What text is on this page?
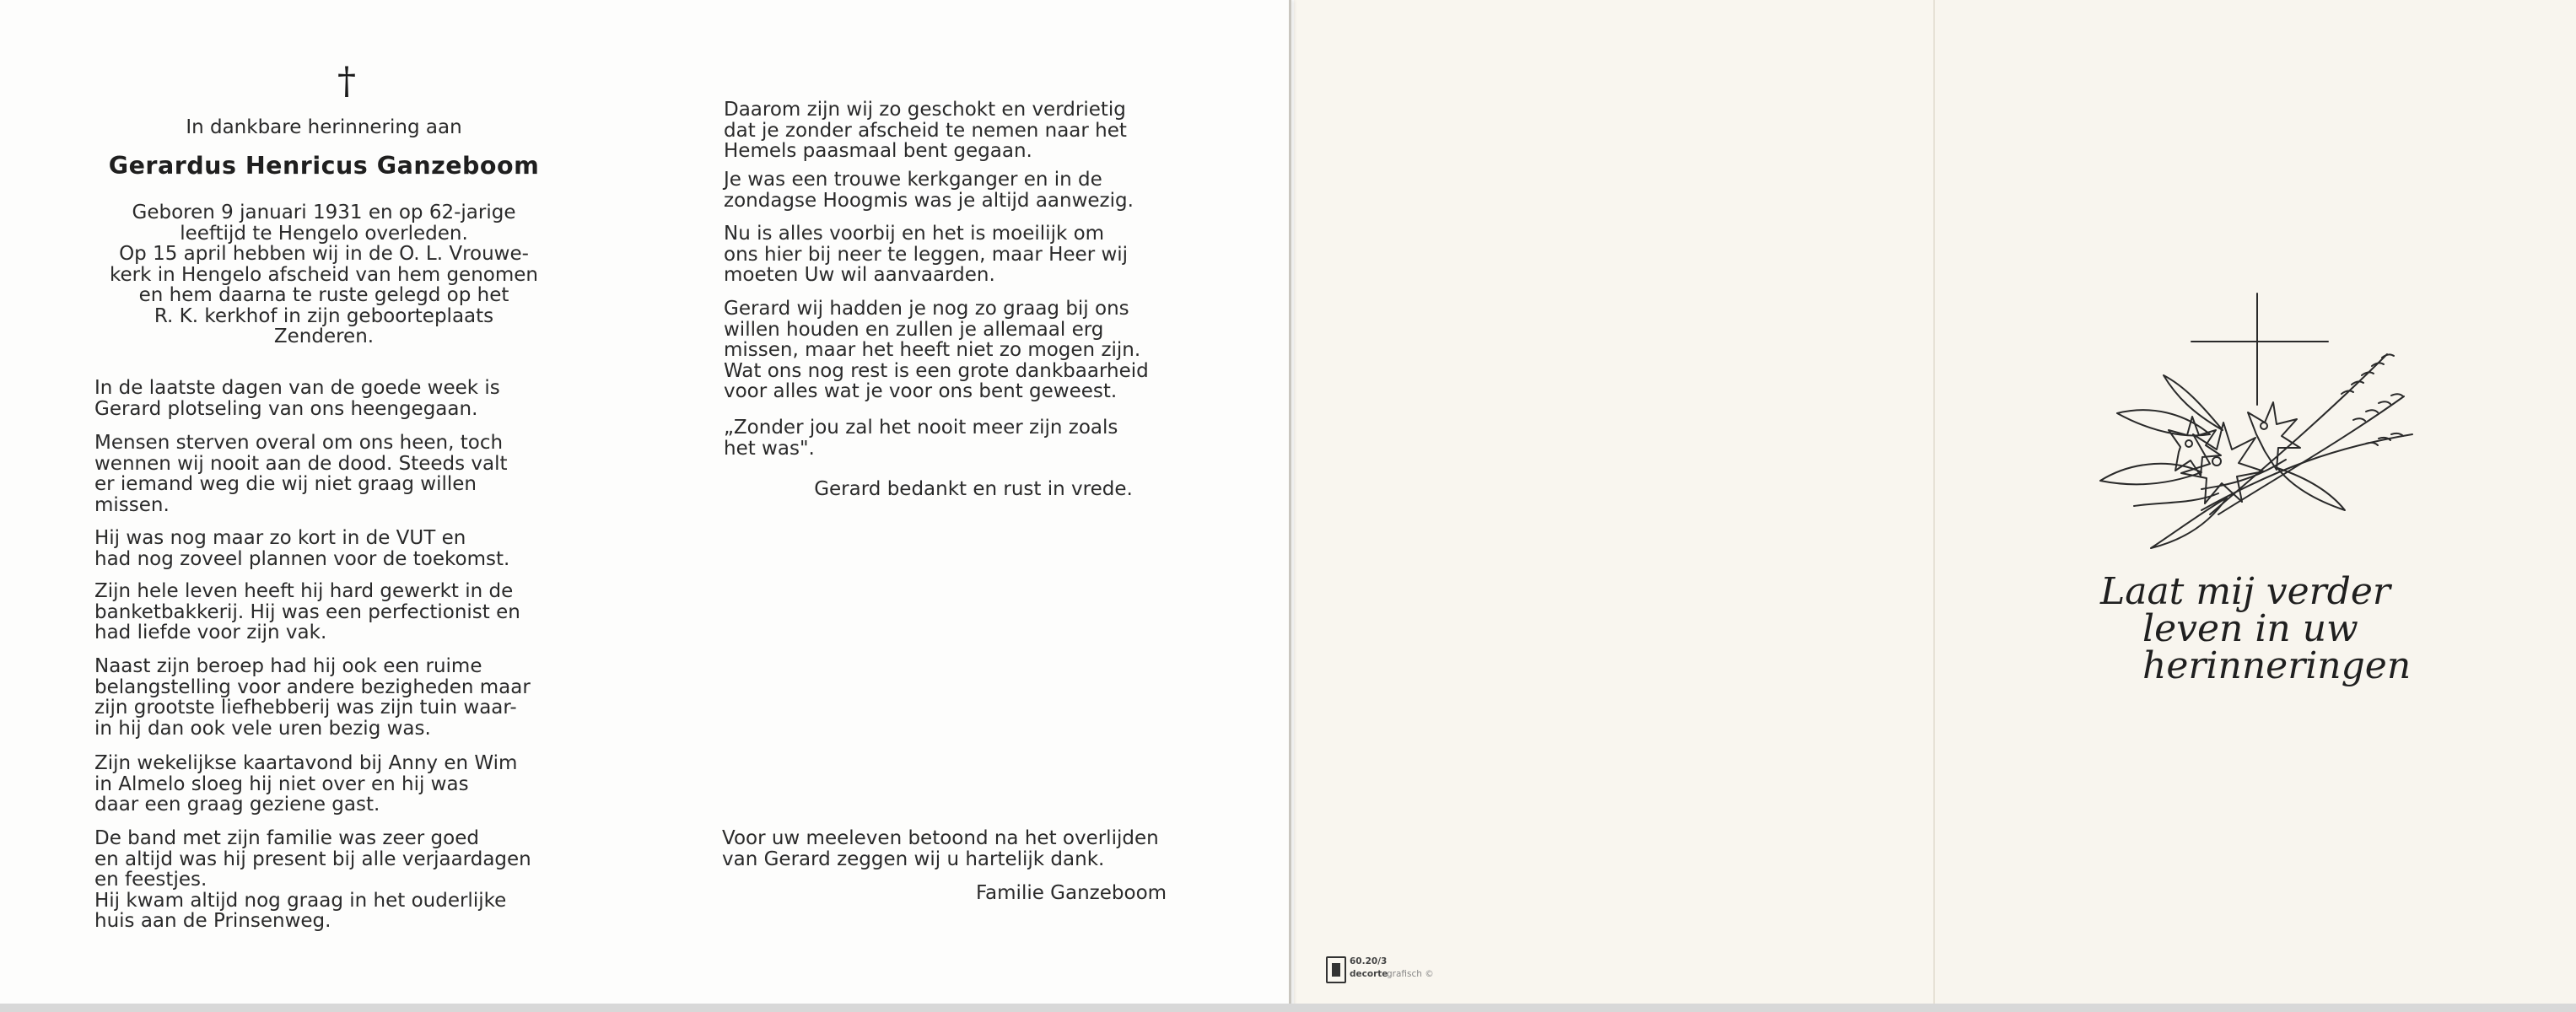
†
In dankbare herinnering aan
Gerardus Henricus Ganzeboom

Geboren 9 januari 1931 en op 62-jarige

leeftijd te Hengelo overleden.

Op 15 april hebben wij in de O. L. Vrouwe-

kerk in Hengelo afscheid van hem genomen

en hem daarna te ruste gelegd op het

R. K. kerkhof in zijn geboorteplaats

Zenderen.

In de laatste dagen van de goede week is

Gerard plotseling van ons heengegaan.

Mensen sterven overal om ons heen, toch

wennen wij nooit aan de dood. Steeds valt

er iemand weg die wij niet graag willen

missen.

Hij was nog maar zo kort in de VUT en

had nog zoveel plannen voor de toekomst.

Zijn hele leven heeft hij hard gewerkt in de

banketbakkerij. Hij was een perfectionist en

had liefde voor zijn vak.

Naast zijn beroep had hij ook een ruime

belangstelling voor andere bezigheden maar

zijn grootste liefhebberij was zijn tuin waar-

in hij dan ook vele uren bezig was.

Zijn wekelijkse kaartavond bij Anny en Wim

in Almelo sloeg hij niet over en hij was

daar een graag geziene gast.

De band met zijn familie was zeer goed

en altijd was hij present bij alle verjaardagen

en feestjes.

Hij kwam altijd nog graag in het ouderlijke

huis aan de Prinsenweg.

Daarom zijn wij zo geschokt en verdrietig

dat je zonder afscheid te nemen naar het

Hemels paasmaal bent gegaan.

Je was een trouwe kerkganger en in de

zondagse Hoogmis was je altijd aanwezig.

Nu is alles voorbij en het is moeilijk om

ons hier bij neer te leggen, maar Heer wij

moeten Uw wil aanvaarden.

Gerard wij hadden je nog zo graag bij ons

willen houden en zullen je allemaal erg

missen, maar het heeft niet zo mogen zijn.

Wat ons nog rest is een grote dankbaarheid

voor alles wat je voor ons bent geweest.

„Zonder jou zal het nooit meer zijn zoals

het was".

Gerard bedankt en rust in vrede.

Voor uw meeleven betoond na het overlijden

van Gerard zeggen wij u hartelijk dank.

Familie Ganzeboom
60.20/3
decorte
grafisch ©
Laat mij verder
leven in uw
herinneringen
